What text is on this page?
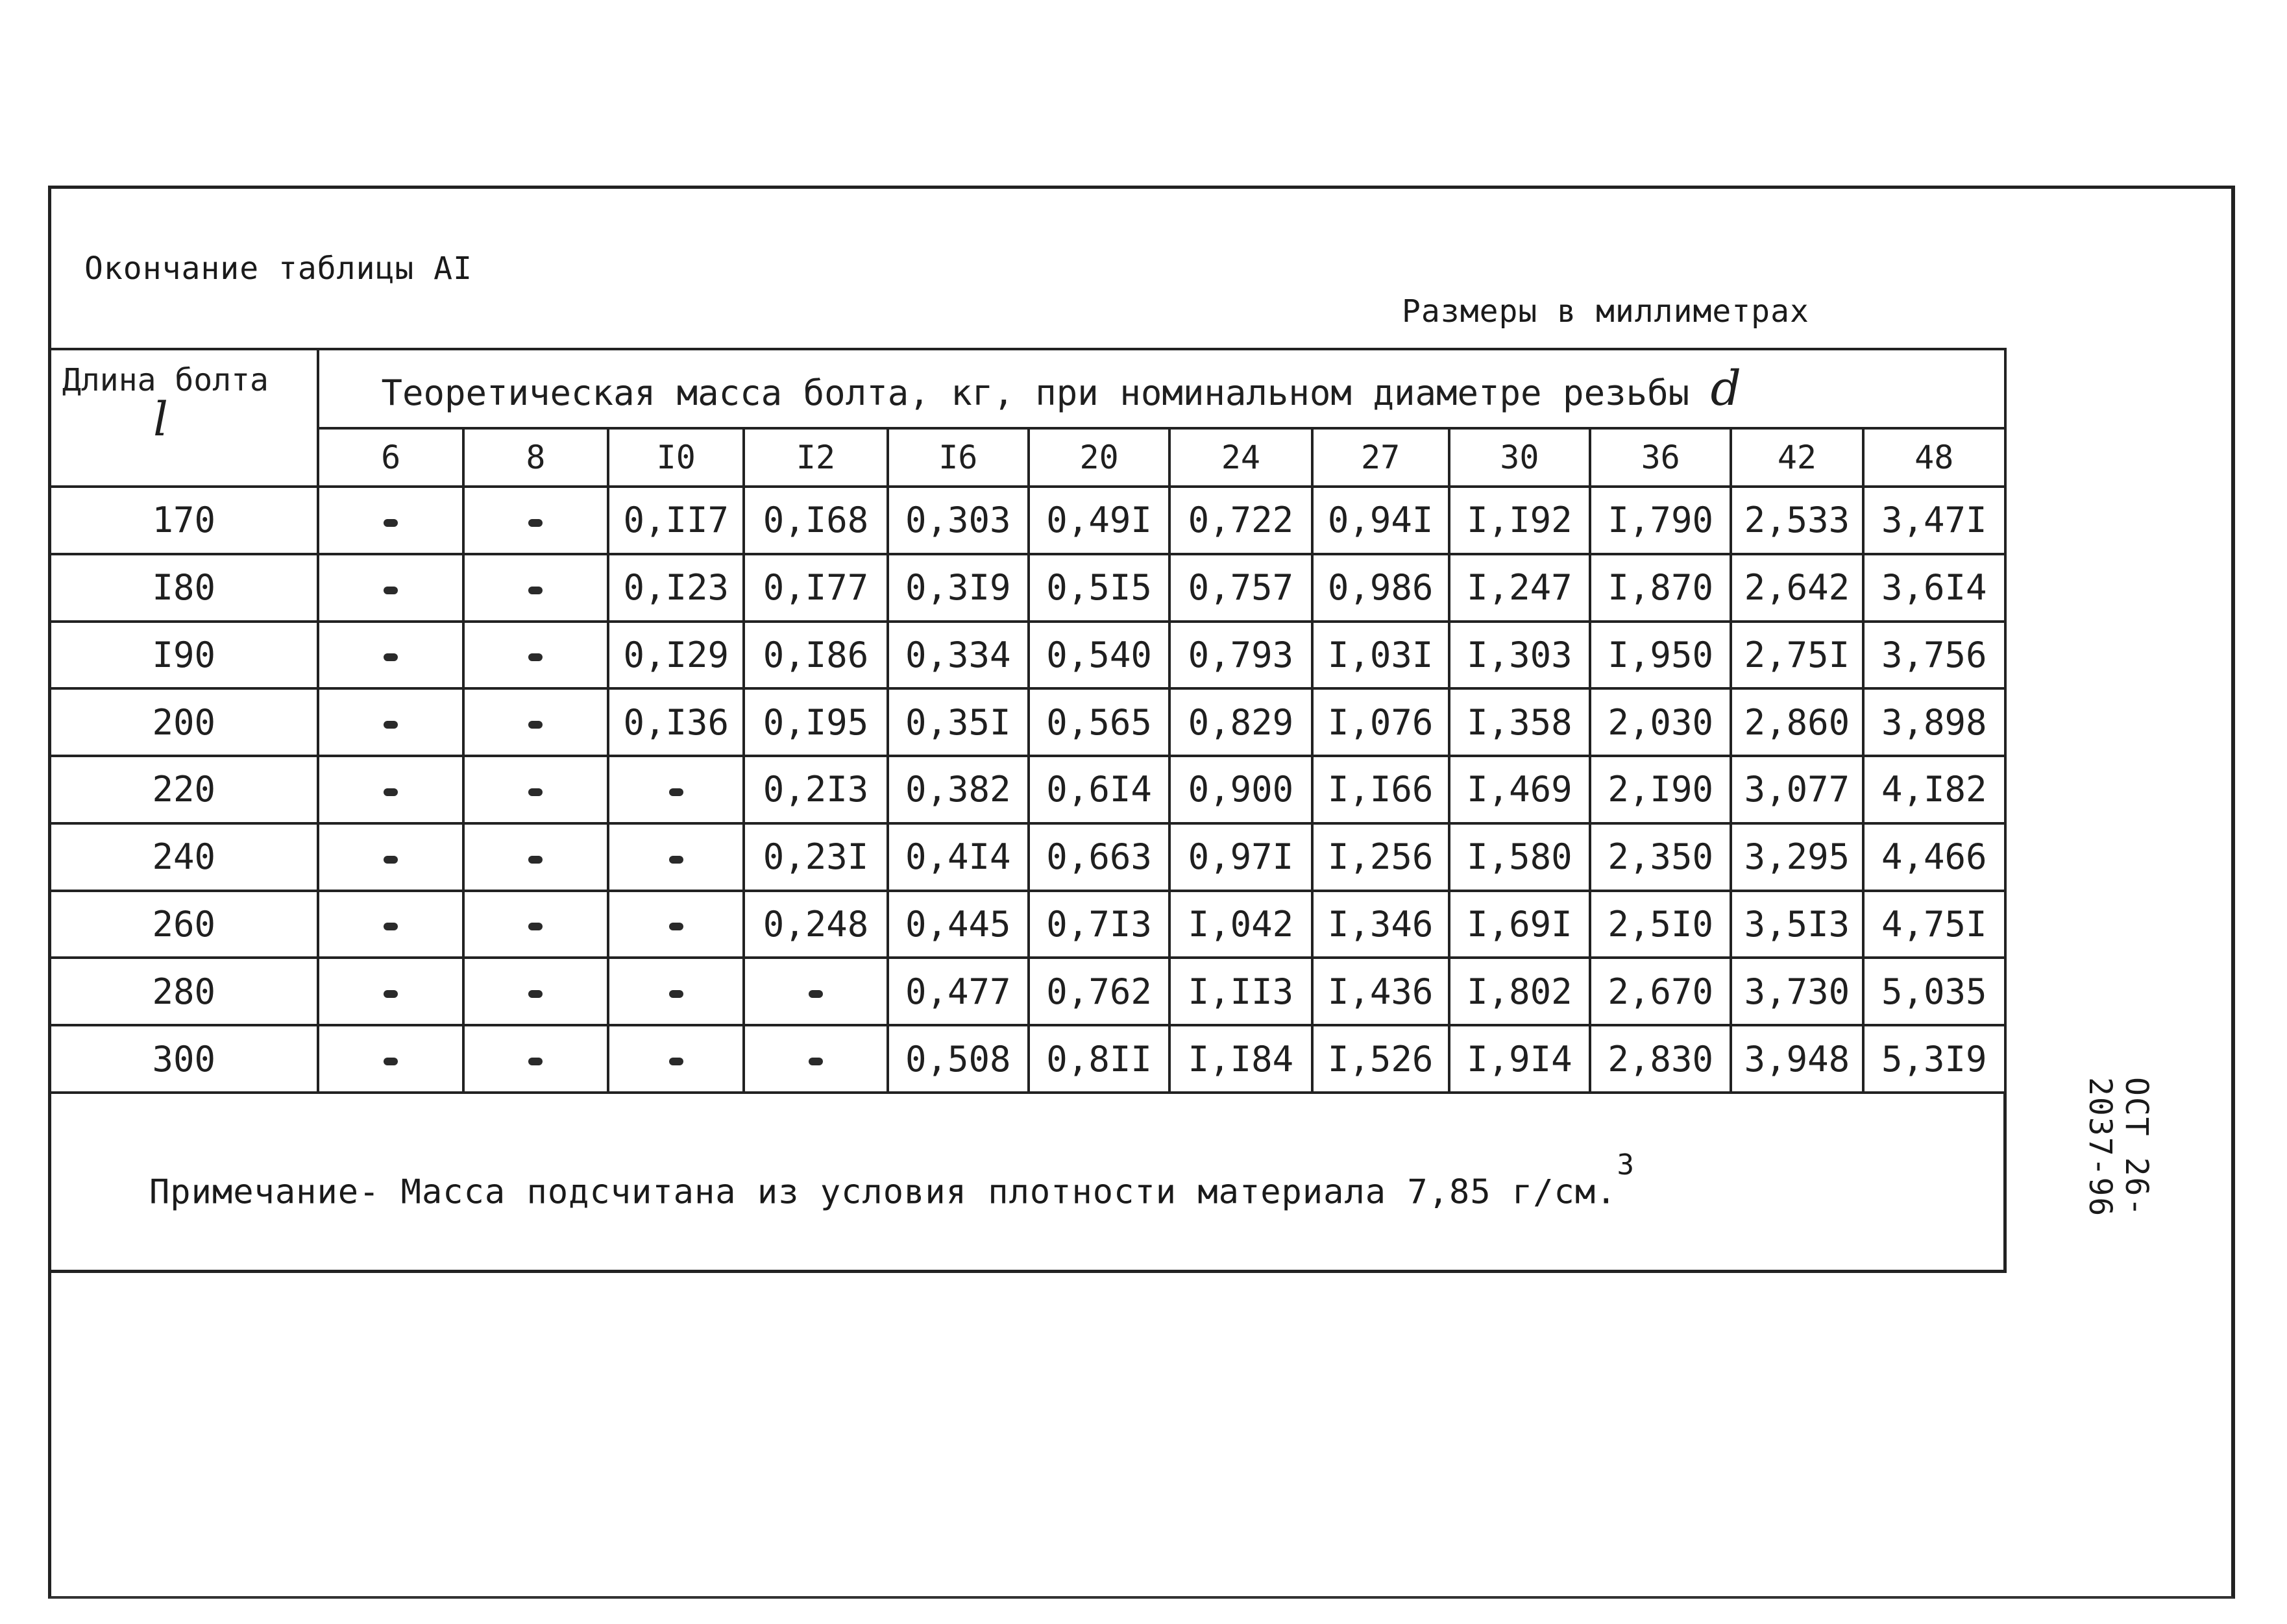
Окончание таблицы АI
Размеры в миллиметрах
Длина болта
l	Теоретическая масса болта, кг, при номинальном диаметре резьбы d											
	6	8	I0	I2	I6	20	24	27	30	36	42	48
170			0,II7	0,I68	0,303	0,49I	0,722	0,94I	I,I92	I,790	2,533	3,47I
I80			0,I23	0,I77	0,3I9	0,5I5	0,757	0,986	I,247	I,870	2,642	3,6I4
I90			0,I29	0,I86	0,334	0,540	0,793	I,03I	I,303	I,950	2,75I	3,756
200			0,I36	0,I95	0,35I	0,565	0,829	I,076	I,358	2,030	2,860	3,898
220				0,2I3	0,382	0,6I4	0,900	I,I66	I,469	2,I90	3,077	4,I82
240				0,23I	0,4I4	0,663	0,97I	I,256	I,580	2,350	3,295	4,466
260				0,248	0,445	0,7I3	I,042	I,346	I,69I	2,5I0	3,5I3	4,75I
280					0,477	0,762	I,II3	I,436	I,802	2,670	3,730	5,035
300					0,508	0,8II	I,I84	I,526	I,9I4	2,830	3,948	5,3I9
Примечание- Масса подсчитана из условия плотности материала 7,85 г/см.$^3$	ОСТ 26-2037-96
